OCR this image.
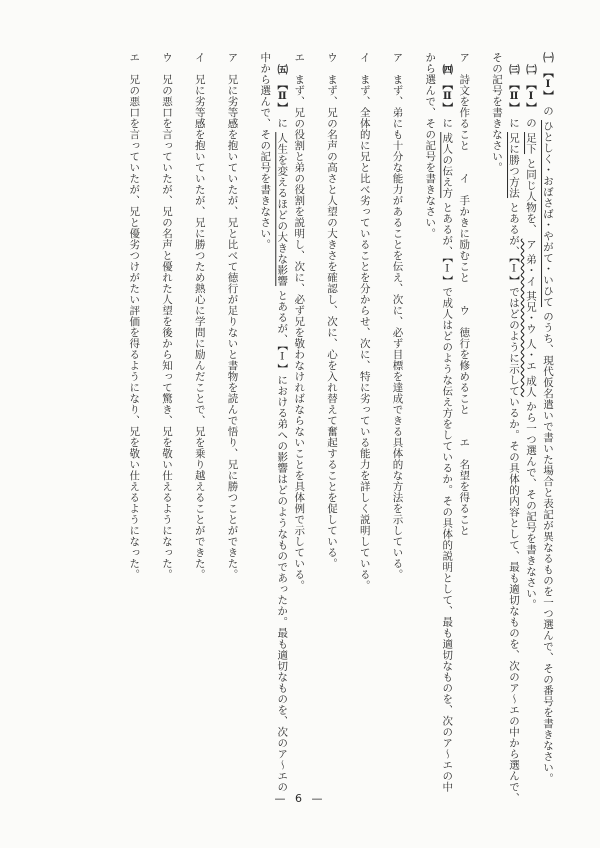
㈠ 【Ⅰ】 の ひとしく・おぼさば・やがて・いひて のうち、現代仮名遣いで書いた場合と表記が異なるものを一つ選んで、その番号を書きなさい。
㈡ 【Ⅰ】 の 足下 と同じ人物を、 ア 弟・イ 其兄・ウ 人・エ 成人 から一つ選んで、その記号を書きなさい。
㈢ 【Ⅱ】 に 兄に勝つ方法 とあるが、【Ⅰ】ではどのように示しているか。その具体的内容として、最も適切なものを、次のア～エの中から選んで、
その記号を書きなさい。
ア　詩文を作ること　　イ　手かきに励むこと　　ウ　徳行を修めること　　エ　名望を得ること
㈣ 【Ⅱ】 に 成人の伝え方 とあるが、【Ⅰ】で成人はどのような伝え方をしているか。その具体的説明として、最も適切なものを、次のア～エの中
から選んで、その記号を書きなさい。
ア　まず、弟にも十分な能力があることを伝え、次に、必ず目標を達成できる具体的な方法を示している。
イ　まず、全体的に兄と比べ劣っていることを分からせ、次に、特に劣っている能力を詳しく説明している。
ウ　まず、兄の名声の高さと人望の大きさを確認し、次に、心を入れ替えて奮起することを促している。
エ　まず、兄の役割と弟の役割を説明し、次に、必ず兄を敬わなければならないことを具体例で示している。
㈤ 【Ⅱ】 に 人生を変えるほどの大きな影響 とあるが、【Ⅰ】における弟への影響はどのようなものであったか。最も適切なものを、次のア～エの
中から選んで、その記号を書きなさい。
ア　兄に劣等感を抱いていたが、兄と比べて徳行が足りないと書物を読んで悟り、兄に勝つことができた。
イ　兄に劣等感を抱いていたが、兄に勝つため熱心に学問に励んだことで、兄を乗り越えることができた。
ウ　兄の悪口を言っていたが、兄の名声と優れた人望を後から知って驚き、兄を敬い仕えるようになった。
エ　兄の悪口を言っていたが、兄と優劣つけがたい評価を得るようになり、兄を敬い仕えるようになった。
— 6 —
